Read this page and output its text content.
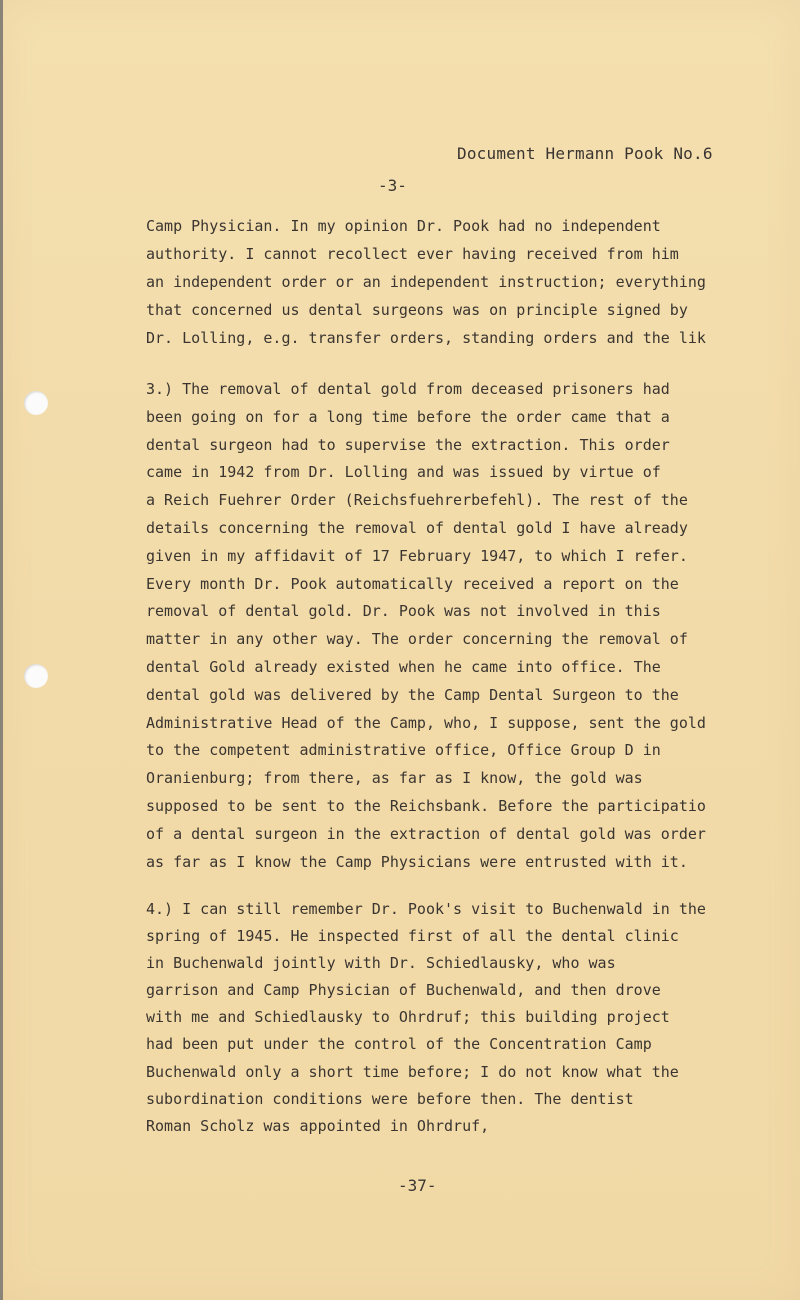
Document Hermann Pook No.6
-3-
Camp Physician. In my opinion Dr. Pook had no independent
authority. I cannot recollect ever having received from him
an independent order or an independent instruction; everything
that concerned us dental surgeons was on principle signed by
Dr. Lolling, e.g. transfer orders, standing orders and the lik
3.) The removal of dental gold from deceased prisoners had
been going on for a long time before the order came that a
dental surgeon had to supervise the extraction. This order
came in 1942 from Dr. Lolling and was issued by virtue of
a Reich Fuehrer Order (Reichsfuehrerbefehl). The rest of the
details concerning the removal of dental gold I have already
given in my affidavit of 17 February 1947, to which I refer.
Every month Dr. Pook automatically received a report on the
removal of dental gold. Dr. Pook was not involved in this
matter in any other way. The order concerning the removal of
dental Gold already existed when he came into office. The
dental gold was delivered by the Camp Dental Surgeon to the
Administrative Head of the Camp, who, I suppose, sent the gold
to the competent administrative office, Office Group D in
Oranienburg; from there, as far as I know, the gold was
supposed to be sent to the Reichsbank. Before the participatio
of a dental surgeon in the extraction of dental gold was order
as far as I know the Camp Physicians were entrusted with it.
4.) I can still remember Dr. Pook's visit to Buchenwald in the
spring of 1945. He inspected first of all the dental clinic
in Buchenwald jointly with Dr. Schiedlausky, who was
garrison and Camp Physician of Buchenwald, and then drove
with me and Schiedlausky to Ohrdruf; this building project
had been put under the control of the Concentration Camp
Buchenwald only a short time before; I do not know what the
subordination conditions were before then. The dentist
Roman Scholz was appointed in Ohrdruf,
-37-
